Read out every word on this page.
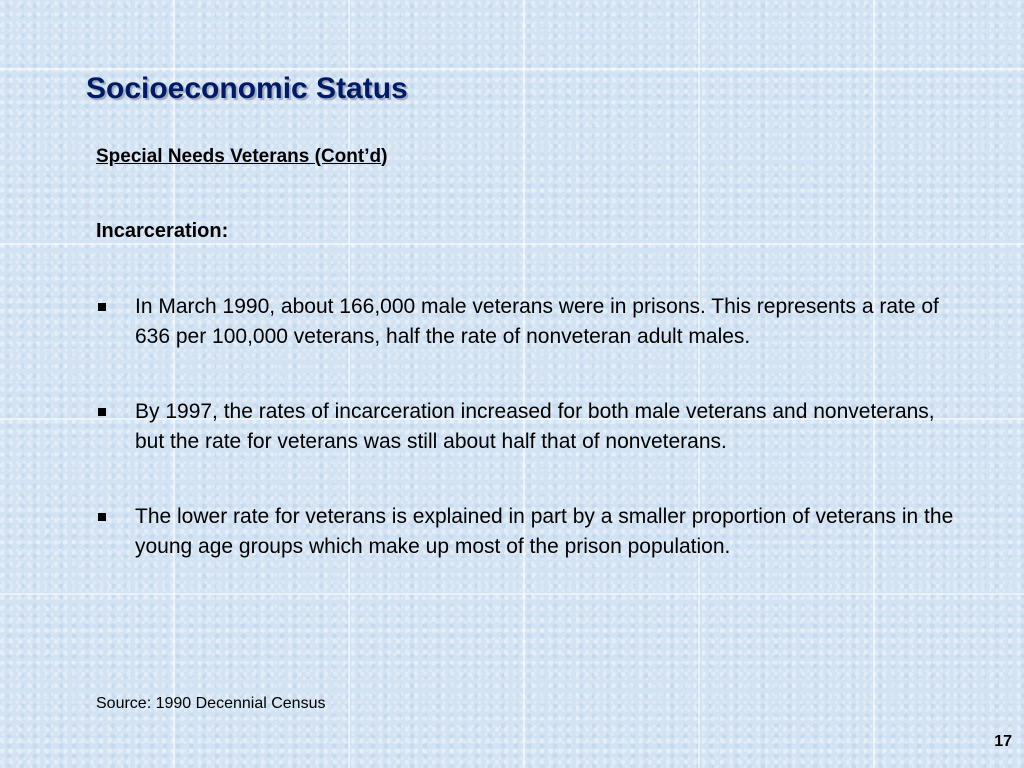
Socioeconomic Status
Special Needs Veterans (Cont’d)
Incarceration:
In March 1990, about 166,000 male veterans were in prisons. This represents a rate of 636 per 100,000 veterans, half the rate of nonveteran adult males.
By 1997, the rates of incarceration increased for both male veterans and nonveterans, but the rate for veterans was still about half that of nonveterans.
The lower rate for veterans is explained in part by a smaller proportion of veterans in the young age groups which make up most of the prison population.
Source: 1990 Decennial Census
17
